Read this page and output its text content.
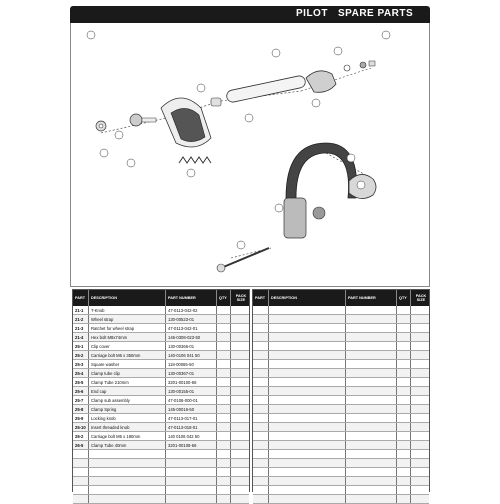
PILOT SPARE PARTS
PART	DESCRIPTION	PART NUMBER	QTY	PACK
SIZE
21-1	T-Knob	47-0113-042-02
21-2	Wheel strap	130-00523-01
21-3	Ratchet for wheel strap	47-0113-042-01
21-4	Hex bolt M8x74mm	146-0308-023-50
25-1	Clip cover	130-00366-01
25-2	Carriage bolt M6 x 350mm	140-0106 041 50
25-3	Square washer	118-00065-50
25-4	Clamp tube clip	130-00367-01
25-5	Clamp Tube 210mm	3201-00100-66
25-6	End cap	130-00155-01
25-7	Clamp sub assembly	47-0106-000-01
25-8	Clamp Spring	145-00016-50
25-9	Locking knob	47-0113-017-01
25-10	Insert threaded knob	47-0113-018-01
26-2	Carriage bolt M6 x 180mm	140 0106 042 50
26-5	Clamp Tube 40mm	3201-00108-66
PART	DESCRIPTION	PART NUMBER	QTY	PACK
SIZE
